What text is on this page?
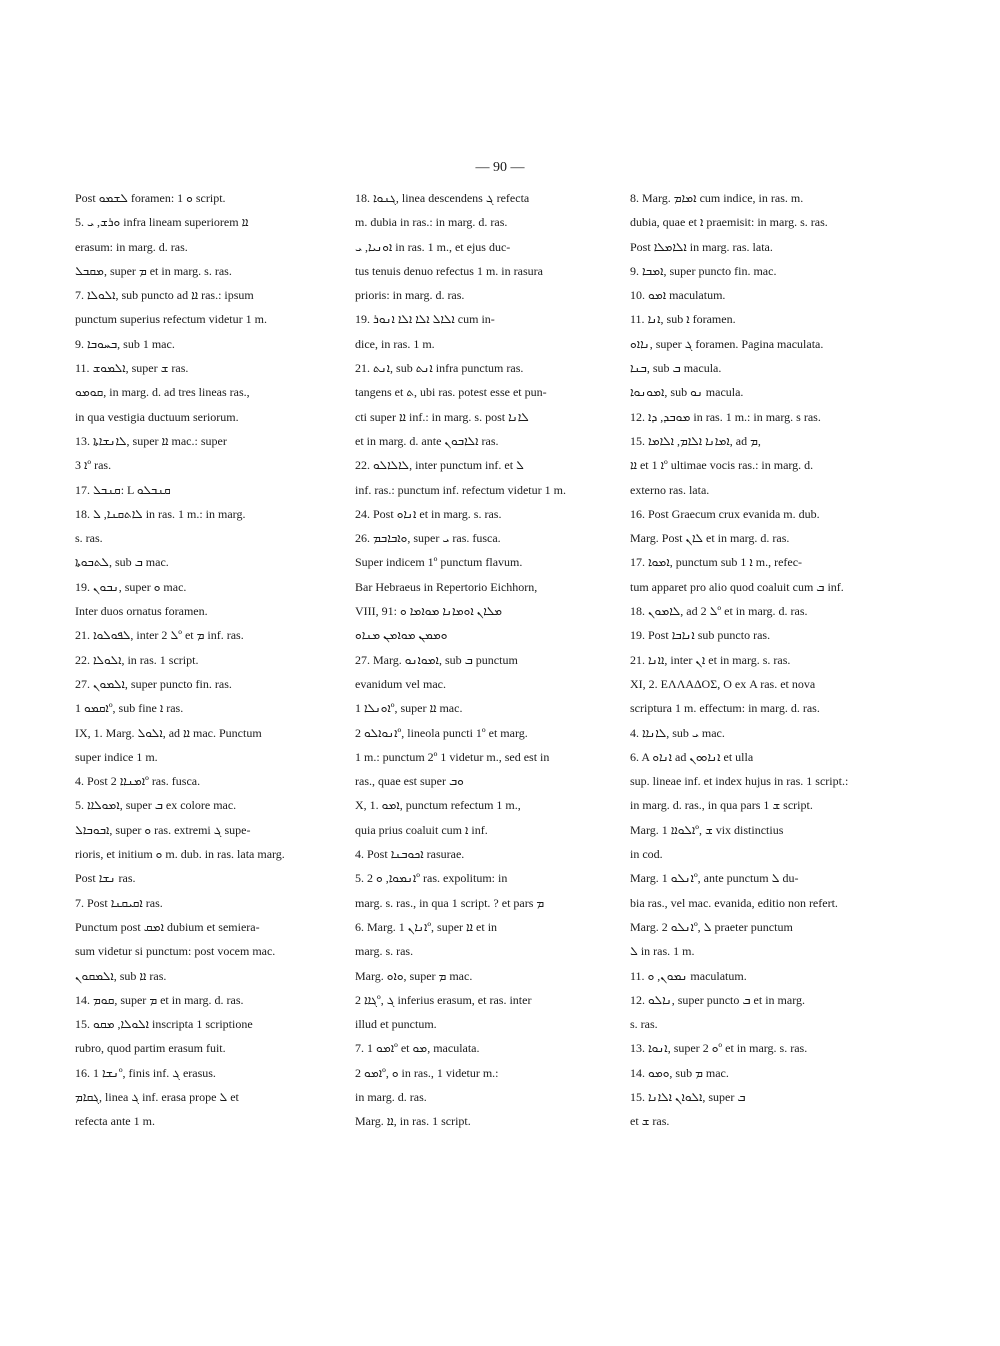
— 90 —
Post ܠܫܡܘ foramen: ܘ 1 script.
5. ܘܪܫ, ܝ infra lineam superiorem ܐܐ
erasum: in marg. d. ras.
ܡܩܒܠ, super ܡ et in marg. s. ras.
7. ܐܠܘܠܐ, sub puncto ad ܐܐ ras.: ipsum
punctum superius refectum videtur 1 m.
9. ܒܚܘܒܐ, sub 1 mac.
11. ܐܠܡܘܫ, super ܫ ras.
ܩܘܡܘ, in marg. d. ad tres lineas ras.,
in qua vestigia ductuum seriorum.
13. ܠܐܢܫܐܬܐ, super ܐܐ mac.: super
ܐ 3º ras.
17. ܩܢܒܠ: L ܩܢܒܠܘ
18. ܠܐܬܩܢܐ, ܠ in ras. 1 m.: in marg.
s. ras.
ܠܬܒܘܬܐ, sub ܒ mac.
19. ܢܒܘܢ, super ܘ mac.
Inter duos ornatus foramen.
21. ܠܦܘܠܘܐ, inter ܠ 2º et ܡ inf. ras.
22. ܐܠܘܠܐ, in ras. 1 script.
27. ܐܠܡܘܢ, super puncto fin. ras.
ܐܩܡܘ 1º, sub fine ܐ ras.
IX, 1. Marg. ܐܠܘܠ, ad ܐܐ mac. Punctum
super indice 1 m.
4. Post ܐܡܢܐܐ 2º ras. fusca.
5. ܐܡܘܠܐܐ, super ܒ ex colore mac.
ܐܒܘܒܐܠ, super ܘ ras. extremi ܓ supe-
rioris, et initium ܘ m. dub. in ras. lata marg.
Post ܢܫܐ ras.
7. Post ܐܩܝܩܢܐ ras.
Punctum post ܐܡܩ dubium et semiera-
sum videtur si punctum: post vocem mac.
ܐܠܡܩܘܢ, sub ܐܐ ras.
14. ܩܘܡ, super ܡ et in marg. d. ras.
15. ܐܠܘܠܐ, ܡܩܘ inscripta 1 scriptione
rubro, quod partim erasum fuit.
16. ܢܫܐ 1º, finis inf. ܓ erasus.
ܓܩܐܡ, linea ܓ inf. erasa prope ܠ et
refecta ante 1 m.
18. ܓܢܘܐ, linea descendens ܓ refecta
m. dubia in ras.: in marg. d. ras.
ܐܘܢܝܐ, ܝ in ras. 1 m., et ejus duc-
tus tenuis denuo refectus 1 m. in rasura
prioris: in marg. d. ras.
19. ܐܠܐܠ ܐܠܐ ܐܠܐ ܐܢܘܪ cum in-
dice, in ras. 1 m.
21. ܐܢܬ, sub ܐܢܬ infra punctum ras.
tangens et ܬ, ubi ras. potest esse et pun-
cti super ܐܐ inf.: in marg. s. post ܠܐܢܐ
et in marg. d. ante ܐܠܐܒܘܢ ras.
22. ܠܐܠܐܠܘ, inter punctum inf. et ܠ
inf. ras.: punctum inf. refectum videtur 1 m.
24. Post ܐܢܐܘ et in marg. s. ras.
26. ܘܐܒܐܒܡ, super ܝ ras. fusca.
Super indicem 1º punctum flavum.
Bar Hebraeus in Repertorio Eichhorn,
VIII, 91: ܡܠܐܢ ܐܘܡܐܢܐ ܡܘܐܡܐ ܘ
ܘܡܡܢ ܡܘܐܡܢ ܡܢܐܘ
27. Marg. ܐܡܘܐܢܘ, sub ܒ punctum
evanidum vel mac.
ܐܘܢܠܐ 1º, super ܐܐ mac.
ܐܢܘܐܠܘ 2º, lineola puncti 1º et marg.
1 m.: punctum 2º 1 videtur m., sed est in
ras., quae est super ܘܒ
X, 1. ܐܡܘ, punctum refectum 1 m.,
quia prius coaluit cum ܐ inf.
4. Post ܐܟܘܒܢܐ rasurae.
5. ܐܢܡܘܐ, ܘ 2º ras. expolitum: in
marg. s. ras., in qua 1 script. ? et pars ܡ
6. Marg. ܐܢܐܢ 1º, super ܐܐ et in
marg. s. ras.
Marg. ܘܐܘ, super ܡ mac.
ܓܐܐ 2º, ܓ inferius erasum, et ras. inter
illud et punctum.
7. ܐܡܘ 1º et ܡܘ, maculata.
ܐܡܘ 2º, ܘ in ras., 1 videtur m.:
in marg. d. ras.
Marg. ܐܐ, in ras. 1 script.
8. Marg. ܐܡܐܡ cum indice, in ras. m.
dubia, quae et ܐ praemisit: in marg. s. ras.
Post ܐܠܐܡܠܐ in marg. ras. lata.
9. ܐܡܒܐ, super puncto fin. mac.
10. ܐܡܘ maculatum.
11. ܐܢܐ, sub ܐ foramen.
ܢܐܐܘ, super ܓ foramen. Pagina maculata.
ܒܢܐ, sub ܒ macula.
ܐܡܘܢܘܐ, sub ܢܘ macula.
12. ܡܘܒܕ, ܕܐ in ras. 1 m.: in marg. s ras.
15. ܐܡܐܢܐ ܐܠܐܡ, ܐܠܐܡܐ, ad ܡ,
ܐܐ et ܐ 1º ultimae vocis ras.: in marg. d.
externo ras. lata.
16. Post Graecum crux evanida m. dub.
Marg. Post ܠܐܢ et in marg. d. ras.
17. ܐܡܘܐ, punctum sub ܐ 1 m., refec-
tum apparet pro alio quod coaluit cum ܒ inf.
18. ܠܐܡܘܢ, ad ܠ 2º et in marg. d. ras.
19. Post ܐܢܐܒܐ sub puncto ras.
21. ܐܐܢܐ, inter ܐܢ et in marg. s. ras.
XI, 2. ΕΛΛΑΔΟΣ, Ο ex Α ras. et nova
scriptura 1 m. effectum: in marg. d. ras.
4. ܠܐܢܐܐ, sub ܝ mac.
6. A ܐܢܐܘ ad ܐܢܐܘܘܢ et ulla
sup. lineae inf. et index hujus in ras. 1 script.:
in marg. d. ras., in qua pars ܫ 1 script.
Marg. ܐܠܘܐܐ 1º, ܫ vix distinctius
in cod.
Marg. ܐܢܠܘ 1º, ante punctum ܠ du-
bia ras., vel mac. evanida, editio non refert.
Marg. ܐܢܠܘ 2º, ܠ praeter punctum
ܠ in ras. 1 m.
11. ܢܡܘܢ, ܘ maculatum.
12. ܢܐܠܘ, super puncto ܒ et in marg.
s. ras.
13. ܐܢܘܐ, super ܘ 2º et in marg. s. ras.
14. ܘܡܘ, sub ܡ mac.
15. ܐܠܘܐܢ ܐܠܐܢܐ, super ܒ
et ܫ ras.
